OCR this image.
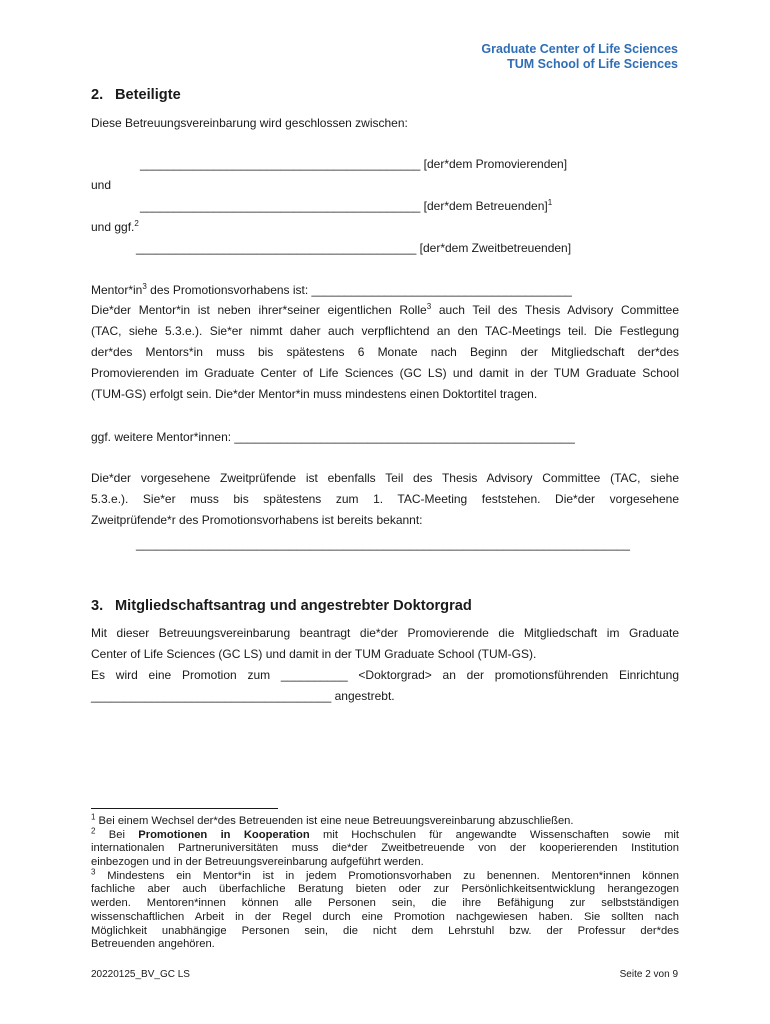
Graduate Center of Life Sciences
TUM School of Life Sciences
2. Beteiligte
Diese Betreuungsvereinbarung wird geschlossen zwischen:
__________________________________________ [der*dem Promovierenden]
und
__________________________________________ [der*dem Betreuenden]$^1$
und ggf.$^2$
__________________________________________ [der*dem Zweitbetreuenden]
$Mentor*in^3$ des Promotionsvorhabens ist: _______________________________________
Die*der Mentor*in ist neben ihrer*seiner eigentlichen Rolle$^3$ auch Teil des Thesis Advisory Committee
(TAC, siehe 5.3.e.). Sie*er nimmt daher auch verpflichtend an den TAC-Meetings teil. Die Festlegung
der*des Mentors*in muss bis spätestens 6 Monate nach Beginn der Mitgliedschaft der*des
Promovierenden im Graduate Center of Life Sciences (GC LS) und damit in der TUM Graduate School
(TUM-GS) erfolgt sein. Die*der Mentor*in muss mindestens einen Doktortitel tragen.
ggf. weitere Mentor*innen: ___________________________________________________
Die*der vorgesehene Zweitprüfende ist ebenfalls Teil des Thesis Advisory Committee (TAC, siehe
5.3.e.). Sie*er muss bis spätestens zum 1. TAC-Meeting feststehen. Die*der vorgesehene
Zweitprüfende*r des Promotionsvorhabens ist bereits bekannt:
__________________________________________________________________________
3. Mitgliedschaftsantrag und angestrebter Doktorgrad
Mit dieser Betreuungsvereinbarung beantragt die*der Promovierende die Mitgliedschaft im Graduate
Center of Life Sciences (GC LS) und damit in der TUM Graduate School (TUM-GS).
Es wird eine Promotion zum __________ <Doktorgrad> an der promotionsführenden Einrichtung
____________________________________ angestrebt.
$^1$ Bei einem Wechsel der*des Betreuenden ist eine neue Betreuungsvereinbarung abzuschließen.
$^2$ Bei Promotionen in Kooperation mit Hochschulen für angewandte Wissenschaften sowie mit
internationalen Partneruniversitäten muss die*der Zweitbetreuende von der kooperierenden Institution
einbezogen und in der Betreuungsvereinbarung aufgeführt werden.
$^3$ Mindestens ein Mentor*in ist in jedem Promotionsvorhaben zu benennen. Mentoren*innen können
fachliche aber auch überfachliche Beratung bieten oder zur Persönlichkeitsentwicklung herangezogen
werden. Mentoren*innen können alle Personen sein, die ihre Befähigung zur selbstständigen
wissenschaftlichen Arbeit in der Regel durch eine Promotion nachgewiesen haben. Sie sollten nach
Möglichkeit unabhängige Personen sein, die nicht dem Lehrstuhl bzw. der Professur der*des
Betreuenden angehören.
20220125_BV_GC LS	Seite 2 von 9
